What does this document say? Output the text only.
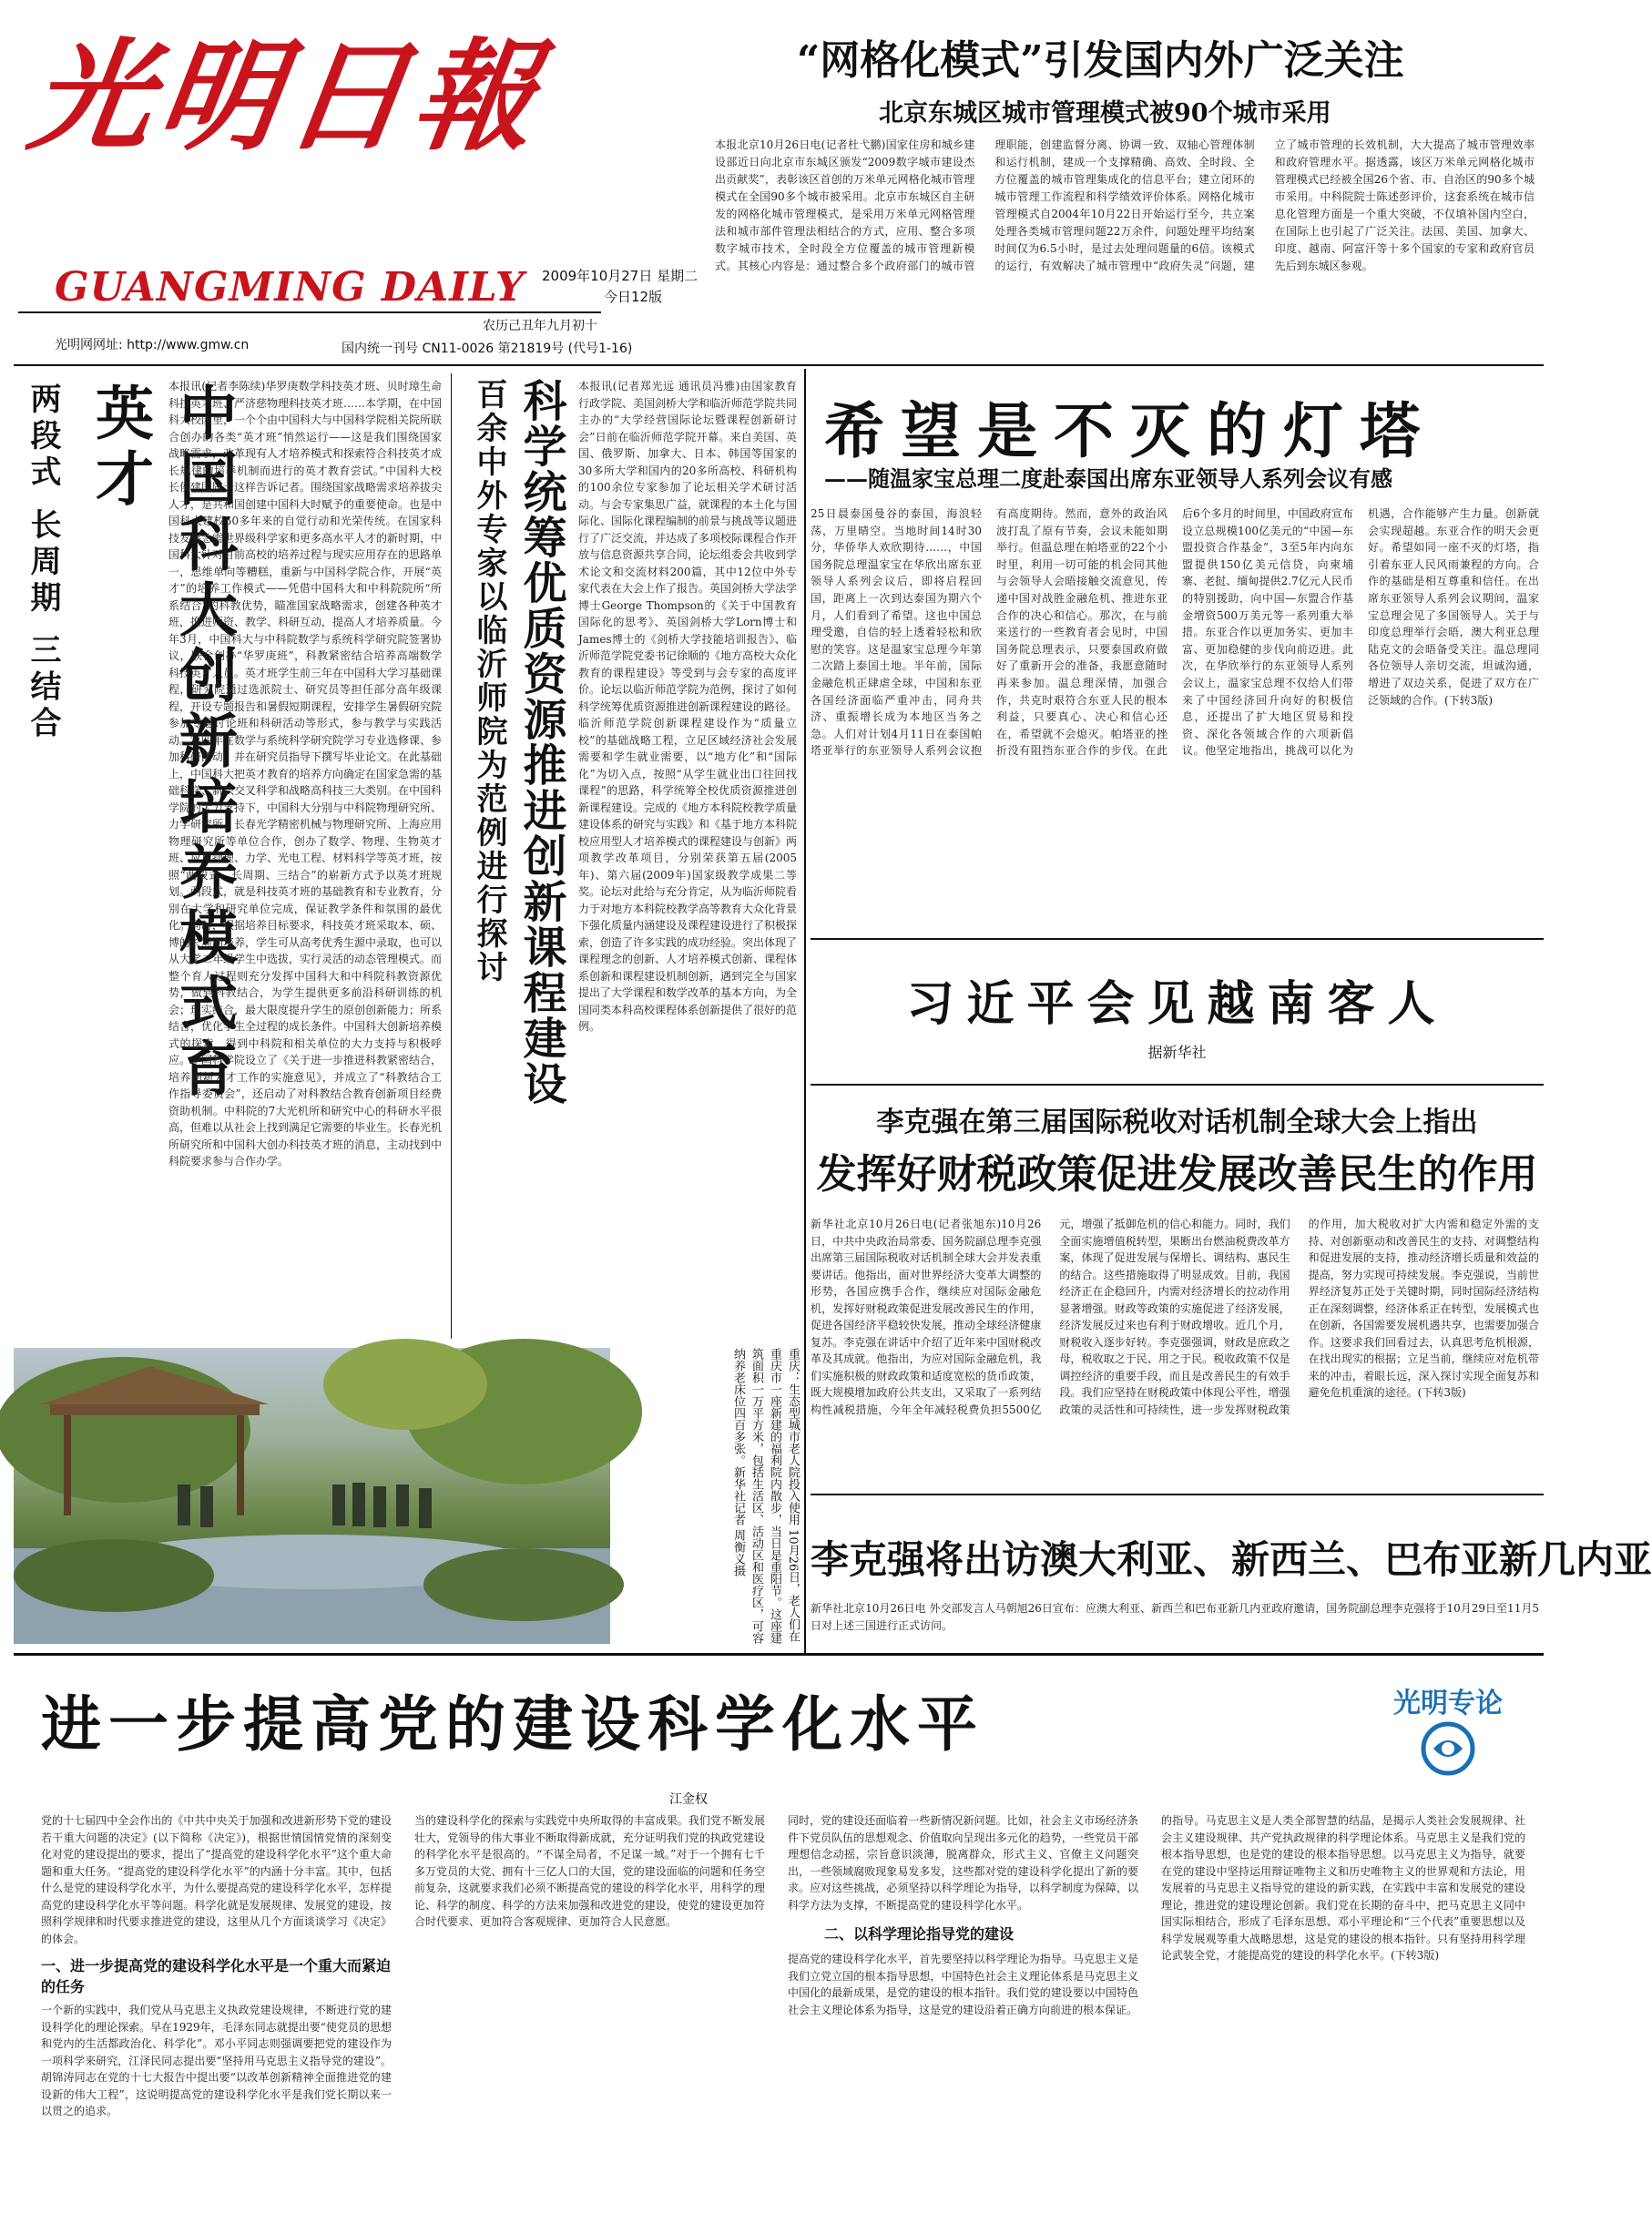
光明日報
GUANGMING DAILY 2009年10月27日 星期二
今日12版
光明网网址: http://www.gmw.cn
农历己丑年九月初十
国内统一刊号 CN11-0026 第21819号 (代号1-16)
“网格化模式”引发国内外广泛关注
北京东城区城市管理模式被90个城市采用
本报北京10月26日电(记者杜弋鹏)国家住房和城乡建设部近日向北京市东城区颁发“2009数字城市建设杰出贡献奖”，表彰该区首创的万米单元网格化城市管理模式在全国90多个城市被采用。北京市东城区自主研发的网格化城市管理模式，是采用万米单元网格管理法和城市部件管理法相结合的方式，应用、整合多项数字城市技术，全时段全方位覆盖的城市管理新模式。其核心内容是：通过整合多个政府部门的城市管理职能，创建监督分离、协调一致、双轴心管理体制和运行机制，建成一个支撑精确、高效、全时段、全方位覆盖的城市管理集成化的信息平台；建立闭环的城市管理工作流程和科学绩效评价体系。网格化城市管理模式自2004年10月22日开始运行至今，共立案处理各类城市管理问题22万余件，问题处理平均结案时间仅为6.5小时，是过去处理问题量的6倍。该模式的运行，有效解决了城市管理中“政府失灵”问题，建立了城市管理的长效机制，大大提高了城市管理效率和政府管理水平。据透露，该区万米单元网格化城市管理模式已经被全国26个省、市、自治区的90多个城市采用。中科院院士陈述彭评价，这套系统在城市信息化管理方面是一个重大突破，不仅填补国内空白，在国际上也引起了广泛关注。法国、美国、加拿大、印度、越南、阿富汗等十多个国家的专家和政府官员先后到东城区参观。
两段式 长周期 三结合	中国科大创新培养模式育英才	本报讯(记者李陈续)华罗庚数学科技英才班、贝时璋生命科技英才班、严济慈物理科技英才班……本学期，在中国科大校园里，一个个由中国科大与中国科学院相关院所联合创办的各类“英才班”悄然运行——这是我们围绕国家战略需求，改革现有人才培养模式和探索符合科技英才成长规律的培养机制而进行的英才教育尝试。”中国科大校长侯建国院士这样告诉记者。围绕国家战略需求培养拔尖人才，是共和国创建中国科大时赋予的重要使命。也是中国科大建校50多年来的自觉行动和光荣传统。在国家科技发展急需世界级科学家和更多高水平人才的新时期，中国科大针对目前高校的培养过程与现实应用存在的思路单一，思维单向等糟糕，重新与中国科学院合作，开展“英才”的培养工作模式——凭借中国科大和中科院院所“所系结合”的科教优势，瞄准国家战略需求，创建各种英才班，推进师资、教学、科研互动，提高人才培养质量。今年3月，中国科大与中科院数学与系统科学研究院签署协议，联合创办“华罗庚班”，科教紧密结合培养高端数学科技英才人员。英才班学生前三年在中国科大学习基础课程，研究院通过选派院士、研究员等担任部分高年级课程，开设专题报告和暑假短期课程，安排学生暑假研究院参加专题讨论班和科研活动等形式，参与教学与实践活动。第四年在数学与系统科学研究院学习专业选修课、参加科研活动，并在研究员指导下撰写毕业论文。在此基础上，中国科大把英才教育的培养方向确定在国家急需的基础科学、新兴交叉科学和战略高科技三大类别。在中国科学院的大力支持下，中国科大分别与中科院物理研究所、力学研究所、长春光学精密机械与物理研究所、上海应用物理研究所等单位合作，创办了数学、物理、生物英才班、应用物理、力学、光电工程、材料科学等英才班，按照“两段式、长周期、三结合”的崭新方式予以英才班规划。两段式，就是科技英才班的基础教育和专业教育，分别在大学和研究单位完成，保证教学条件和氛围的最优化。同时，根据培养目标要求，科技英才班采取本、硕、博的长周期培养，学生可从高考优秀生源中录取，也可以从大学二年级学生中选拔，实行灵活的动态管理模式。而整个育人过程则充分发挥中国科大和中科院科教资源优势，做到科教结合，为学生提供更多前沿科研训练的机会；理实结合，最大限度提升学生的原创创新能力；所系结合，优化学生全过程的成长条件。中国科大创新培养模式的探索，得到中科院和相关单位的大力支持与积极呼应。中国科学院设立了《关于进一步推进科教紧密结合，培养创新人才工作的实施意见》，并成立了“科教结合工作指导委员会”，还启动了对科教结合教育创新项目经费资助机制。中科院的7大光机所和研究中心的科研水平很高，但难以从社会上找到满足它需要的毕业生。长春光机所研究所和中国科大创办科技英才班的消息，主动找到中科院要求参与合作办学。
百余中外专家以临沂师院为范例进行探讨 科学统筹优质资源推进创新课程建设	本报讯(记者郑光远 通讯员冯雅)由国家教育行政学院、美国剑桥大学和临沂师范学院共同主办的“大学经营国际论坛暨课程创新研讨会”日前在临沂师范学院开幕。来自美国、英国、俄罗斯、加拿大、日本、韩国等国家的30多所大学和国内的20多所高校、科研机构的100余位专家参加了论坛相关学术研讨活动。与会专家集思广益，就课程的本土化与国际化、国际化课程编制的前景与挑战等议题进行了广泛交流，并达成了多项校际课程合作开放与信息资源共享合同，论坛组委会共收到学术论文和交流材料200篇，其中12位中外专家代表在大会上作了报告。英国剑桥大学法学博士George Thompson的《关于中国教育国际化的思考》、英国剑桥大学Lorn博士和James博士的《剑桥大学技能培训报告》、临沂师范学院党委书记徐顺的《地方高校大众化教育的课程建设》等受到与会专家的高度评价。论坛以临沂师范学院为范例，探讨了如何科学统筹优质资源推进创新课程建设的路径。临沂师范学院创新课程建设作为“质量立校”的基础战略工程，立足区域经济社会发展需要和学生就业需要，以“地方化”和“国际化”为切入点，按照“从学生就业出口往回找课程”的思路，科学统筹全校优质资源推进创新课程建设。完成的《地方本科院校教学质量建设体系的研究与实践》和《基于地方本科院校应用型人才培养模式的课程建设与创新》两项教学改革项目，分别荣获第五届(2005年)、第六届(2009年)国家级教学成果二等奖。论坛对此给与充分肯定，从为临沂师院看力于对地方本科院校教学高等教育大众化背景下强化质量内涵建设及课程建设进行了积极探索，创造了许多实践的成功经验。突出体现了课程理念的创新、人才培养模式创新、课程体系创新和课程建设机制创新，遇到完全与国家提出了大学课程和数学改革的基本方向，为全国同类本科高校课程体系创新提供了很好的范例。
希望是不灭的灯塔
——随温家宝总理二度赴泰国出席东亚领导人系列会议有感
25日晨泰国曼谷的泰国，海浪轻荡，万里晴空。当地时间14时30分，华侨华人欢欣期待……，中国国务院总理温家宝在华欣出席东亚领导人系列会议后，即将启程回国，距离上一次到达泰国为期六个月，人们看到了希望。这也中国总理受邀，自信的轻上透着轻松和欣慰的笑容。这是温家宝总理今年第二次踏上泰国土地。半年前，国际金融危机正肆虐全球，中国和东亚各国经济面临严重冲击，同舟共济、重振增长成为本地区当务之急。人们对计划4月11日在泰国帕塔亚举行的东亚领导人系列会议抱有高度期待。然而，意外的政治风波打乱了原有节奏，会议未能如期举行。但温总理在帕塔亚的22个小时里，利用一切可能的机会同其他与会领导人会晤接触交流意见，传递中国对战胜金融危机、推进东亚合作的决心和信心。那次，在与前来送行的一些教育者会见时，中国国务院总理表示，只要泰国政府做好了重新开会的准备，我愿意随时再来参加。温总理深情，加强合作，共克时艰符合东亚人民的根本利益，只要真心、决心和信心还在，希望就不会熄灭。帕塔亚的挫折没有阻挡东亚合作的步伐。在此后6个多月的时间里，中国政府宣布设立总规模100亿美元的“中国—东盟投资合作基金”，3至5年内向东盟提供150亿美元信贷，向柬埔寨、老挝、缅甸提供2.7亿元人民币的特别援助，向中国—东盟合作基金增资500万美元等一系列重大举措。东亚合作以更加务实、更加丰富、更加稳健的步伐向前迈进。此次，在华欣举行的东亚领导人系列会议上，温家宝总理不仅给人们带来了中国经济回升向好的积极信息，还提出了扩大地区贸易和投资、深化各领域合作的六项新倡议。他坚定地指出，挑战可以化为机遇，合作能够产生力量。创新就会实现超越。东亚合作的明天会更好。希望如同一座不灭的灯塔，指引着东亚人民风雨兼程的方向。合作的基础是相互尊重和信任。在出席东亚领导人系列会议期间，温家宝总理会见了多国领导人。关于与印度总理举行会晤，澳大利亚总理陆克文的会晤备受关注。温总理同各位领导人亲切交流，坦诚沟通，增进了双边关系，促进了双方在广泛领域的合作。(下转3版)
习近平会见越南客人
据新华社
李克强在第三届国际税收对话机制全球大会上指出
发挥好财税政策促进发展改善民生的作用
新华社北京10月26日电(记者张旭东)10月26日，中共中央政治局常委、国务院副总理李克强出席第三届国际税收对话机制全球大会并发表重要讲话。他指出，面对世界经济大变革大调整的形势，各国应携手合作，继续应对国际金融危机，发挥好财税政策促进发展改善民生的作用，促进各国经济平稳较快发展，推动全球经济健康复苏。李克强在讲话中介绍了近年来中国财税改革及其成就。他指出，为应对国际金融危机，我们实施积极的财政政策和适度宽松的货币政策，既大规模增加政府公共支出，又采取了一系列结构性减税措施，今年全年减轻税费负担5500亿元，增强了抵御危机的信心和能力。同时，我们全面实施增值税转型，果断出台燃油税费改革方案，体现了促进发展与保增长、调结构、惠民生的结合。这些措施取得了明显成效。目前，我国经济正在企稳回升，内需对经济增长的拉动作用显著增强。财政等政策的实施促进了经济发展，经济发展反过来也有利于财政增收。近几个月，财税收入逐步好转。李克强强调，财政是庶政之母，税收取之于民、用之于民。税收政策不仅是调控经济的重要手段，而且是改善民生的有效手段。我们应坚持在财税政策中体现公平性，增强政策的灵活性和可持续性，进一步发挥财税政策的作用，加大税收对扩大内需和稳定外需的支持、对创新驱动和改善民生的支持、对调整结构和促进发展的支持，推动经济增长质量和效益的提高，努力实现可持续发展。李克强说，当前世界经济复苏正处于关键时期，同时国际经济结构正在深刻调整，经济体系正在转型，发展模式也在创新，各国需要发展机遇共享，也需要加强合作。这要求我们回看过去，认真思考危机根源，在找出现实的根据；立足当前，继续应对危机带来的冲击，着眼长远，深入探讨实现全面复苏和避免危机重演的途径。(下转3版)
李克强将出访澳大利亚、新西兰、巴布亚新几内亚
新华社北京10月26日电 外交部发言人马朝旭26日宣布：应澳大利亚、新西兰和巴布亚新几内亚政府邀请，国务院副总理李克强将于10月29日至11月5日对上述三国进行正式访问。
重庆：生态型城市老人院投入使用 10月26日，老人们在重庆市一座新建的福利院内散步，当日是重阳节。这座建筑面积一万平方米，包括生活区、活动区和医疗区，可容纳养老床位四百多张。新华社记者 周衡义摄
进一步提高党的建设科学化水平	光明专论
江金权
党的十七届四中全会作出的《中共中央关于加强和改进新形势下党的建设若干重大问题的决定》(以下简称《决定》)，根据世情国情党情的深刻变化对党的建设提出的要求，提出了“提高党的建设科学化水平”这个重大命题和重大任务。“提高党的建设科学化水平”的内涵十分丰富。其中，包括什么是党的建设科学化水平，为什么要提高党的建设科学化水平，怎样提高党的建设科学化水平等问题。科学化就是发展规律、发展党的建设，按照科学规律和时代要求推进党的建设，这里从几个方面谈谈学习《决定》的体会。
一、进一步提高党的建设科学化水平是一个重大而紧迫的任务
一个新的实践中，我们党从马克思主义执政党建设规律，不断进行党的建设科学化的理论探索。早在1929年，毛泽东同志就提出要“使党员的思想和党内的生活都政治化、科学化”。邓小平同志则强调要把党的建设作为一项科学来研究，江泽民同志提出要“坚持用马克思主义指导党的建设”。胡锦涛同志在党的十七大报告中提出要“以改革创新精神全面推进党的建设新的伟大工程”，这说明提高党的建设科学化水平是我们党长期以来一以贯之的追求。
当的建设科学化的探索与实践党中央所取得的丰富成果。我们党不断发展壮大，党领导的伟大事业不断取得新成就，充分证明我们党的执政党建设的科学化水平是很高的。“不谋全局者，不足谋一域。”对于一个拥有七千多万党员的大党、拥有十三亿人口的大国，党的建设面临的问题和任务空前复杂，这就要求我们必须不断提高党的建设的科学化水平，用科学的理论、科学的制度、科学的方法来加强和改进党的建设，使党的建设更加符合时代要求、更加符合客观规律、更加符合人民意愿。
同时，党的建设还面临着一些新情况新问题。比如，社会主义市场经济条件下党员队伍的思想观念、价值取向呈现出多元化的趋势，一些党员干部理想信念动摇，宗旨意识淡薄，脱离群众，形式主义、官僚主义问题突出，一些领域腐败现象易发多发，这些都对党的建设科学化提出了新的要求。应对这些挑战，必须坚持以科学理论为指导，以科学制度为保障，以科学方法为支撑，不断提高党的建设科学化水平。
二、以科学理论指导党的建设
提高党的建设科学化水平，首先要坚持以科学理论为指导。马克思主义是我们立党立国的根本指导思想，中国特色社会主义理论体系是马克思主义中国化的最新成果，是党的建设的根本指针。我们党的建设要以中国特色社会主义理论体系为指导，这是党的建设沿着正确方向前进的根本保证。
的指导。马克思主义是人类全部智慧的结晶，是揭示人类社会发展规律、社会主义建设规律、共产党执政规律的科学理论体系。马克思主义是我们党的根本指导思想，也是党的建设的根本指导思想。以马克思主义为指导，就要在党的建设中坚持运用辩证唯物主义和历史唯物主义的世界观和方法论，用发展着的马克思主义指导党的建设的新实践，在实践中丰富和发展党的建设理论，推进党的建设理论创新。我们党在长期的奋斗中，把马克思主义同中国实际相结合，形成了毛泽东思想、邓小平理论和“三个代表”重要思想以及科学发展观等重大战略思想，这是党的建设的根本指针。只有坚持用科学理论武装全党，才能提高党的建设的科学化水平。(下转3版)
